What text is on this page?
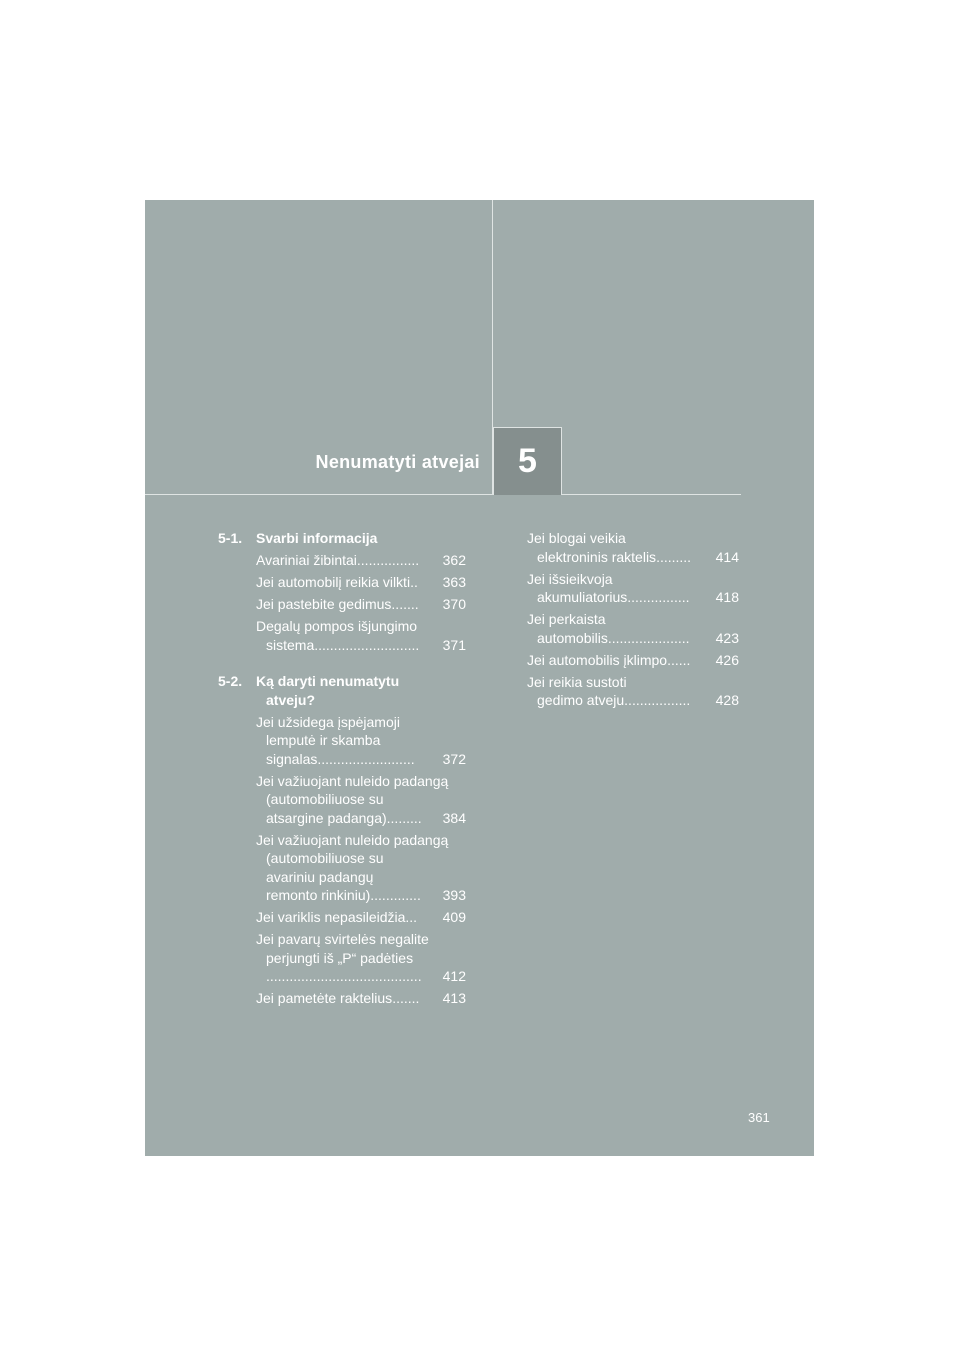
Nenumatyti atvejai 5
5-1. Svarbi informacija
Avariniai žibintai ................	362
Jei automobilį reikia vilkti ..	363
Jei pastebite gedimus .......	370
Degalų pompos išjungimo
sistema ...........................	371
5-2. Ką daryti nenumatytu
atveju?
Jei užsidega įspėjamoji
lemputė ir skamba
signalas... ......................	372
Jei važiuojant nuleido padangą
(automobiliuose su
atsargine padanga) .........	384
Jei važiuojant nuleido padangą
(automobiliuose su
avariniu padangų
remonto rinkiniu) .............	393
Jei variklis nepasileidžia ...	409
Jei pavarų svirtelės negalite
perjungti iš „P“ padėties
........................................	412
Jei pametėte raktelius .......	413
Jei blogai veikia
elektroninis raktelis .........	414
Jei išsieikvoja
akumuliatorius ................	418
Jei perkaista
automobilis .....................	423
Jei automobilis įklimpo ......	426
Jei reikia sustoti
gedimo atveju .................	428
361
